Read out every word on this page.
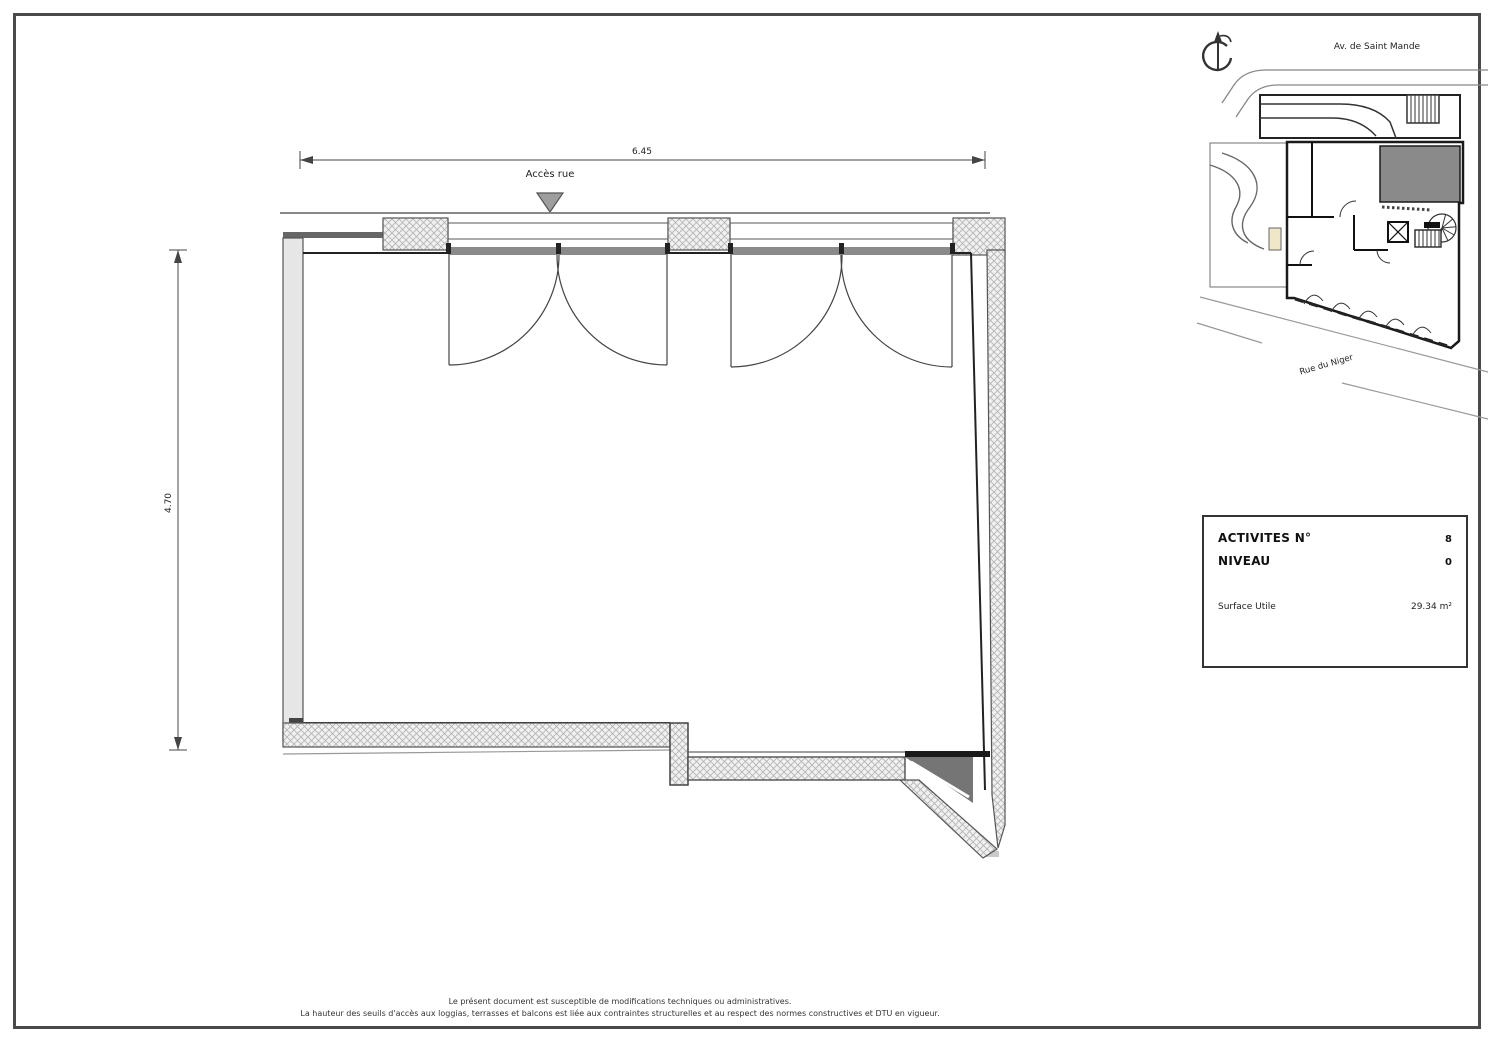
6.45
4.70
Accès rue
Av. de Saint Mande
Rue du Niger
ACTIVITES N°	8
NIVEAU	0
Surface Utile	29.34 m²
Le présent document est susceptible de modifications techniques ou administratives.
La hauteur des seuils d'accès aux loggias, terrasses et balcons est liée aux contraintes structurelles et au respect des normes constructives et DTU en vigueur.
